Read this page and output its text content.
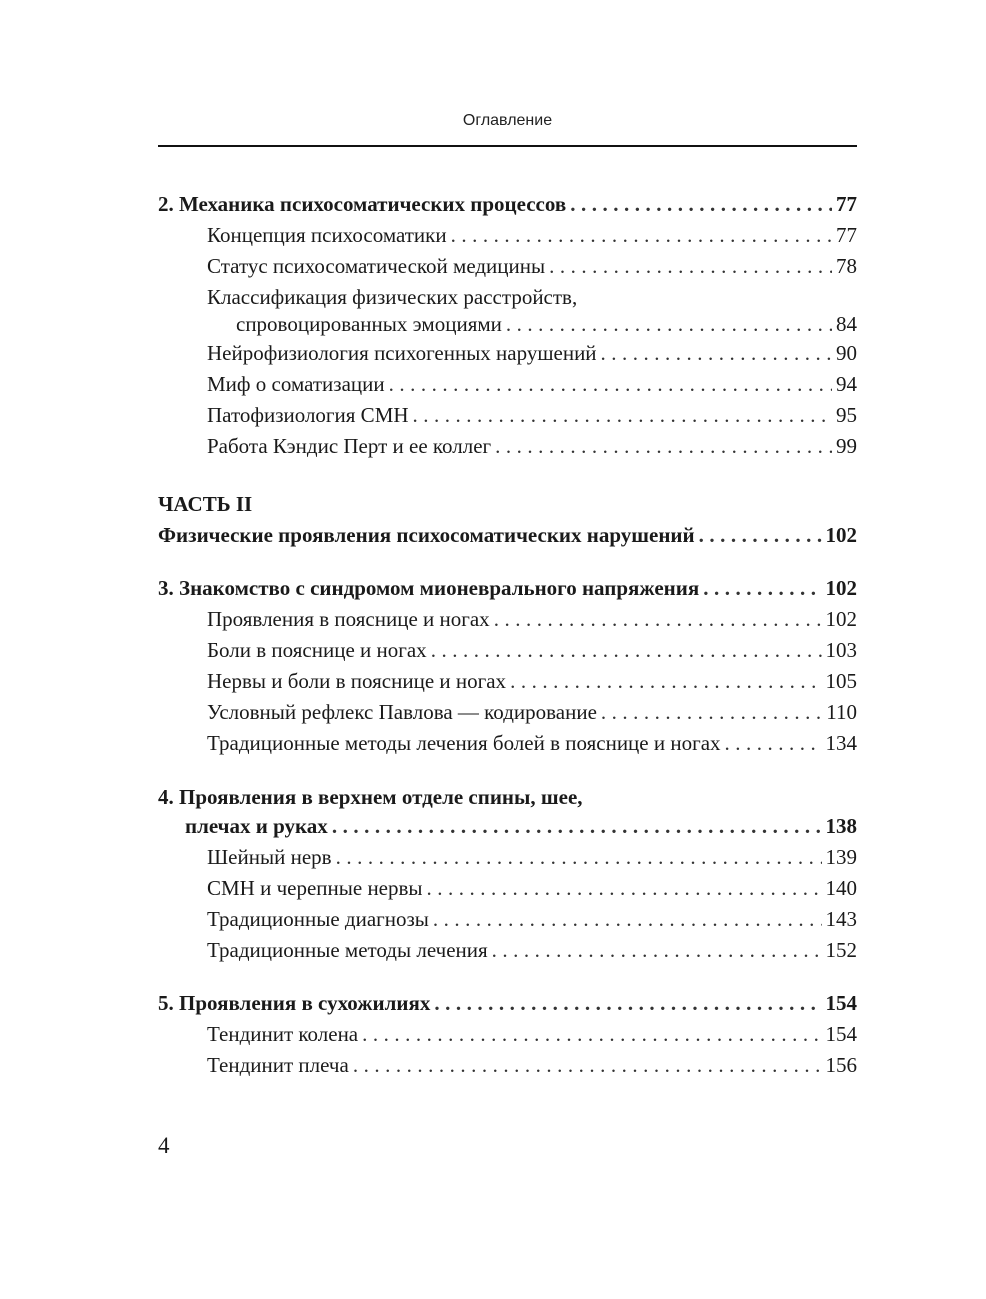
Оглавление
2. Механика психосоматических процессов .....	77
Концепция психосоматики .....	77
Статус психосоматической медицины .....	78
Классификация физических расстройств,
спровоцированных эмоциями .....	84
Нейрофизиология психогенных нарушений .....	90
Миф о соматизации .....	94
Патофизиология СМН .....	95
Работа Кэндис Перт и ее коллег .....	99
ЧАСТЬ II
Физические проявления психосоматических нарушений .....	102
3. Знакомство с синдромом мионеврального напряжения .....	102
Проявления в пояснице и ногах .....	102
Боли в пояснице и ногах .....	103
Нервы и боли в пояснице и ногах .....	105
Условный рефлекс Павлова — кодирование .....	110
Традиционные методы лечения болей в пояснице и ногах .....	134
4. Проявления в верхнем отделе спины, шее,
плечах и руках .....	138
Шейный нерв .....	139
СМН и черепные нервы .....	140
Традиционные диагнозы .....	143
Традиционные методы лечения .....	152
5. Проявления в сухожилиях .....	154
Тендинит колена .....	154
Тендинит плеча .....	156
4
